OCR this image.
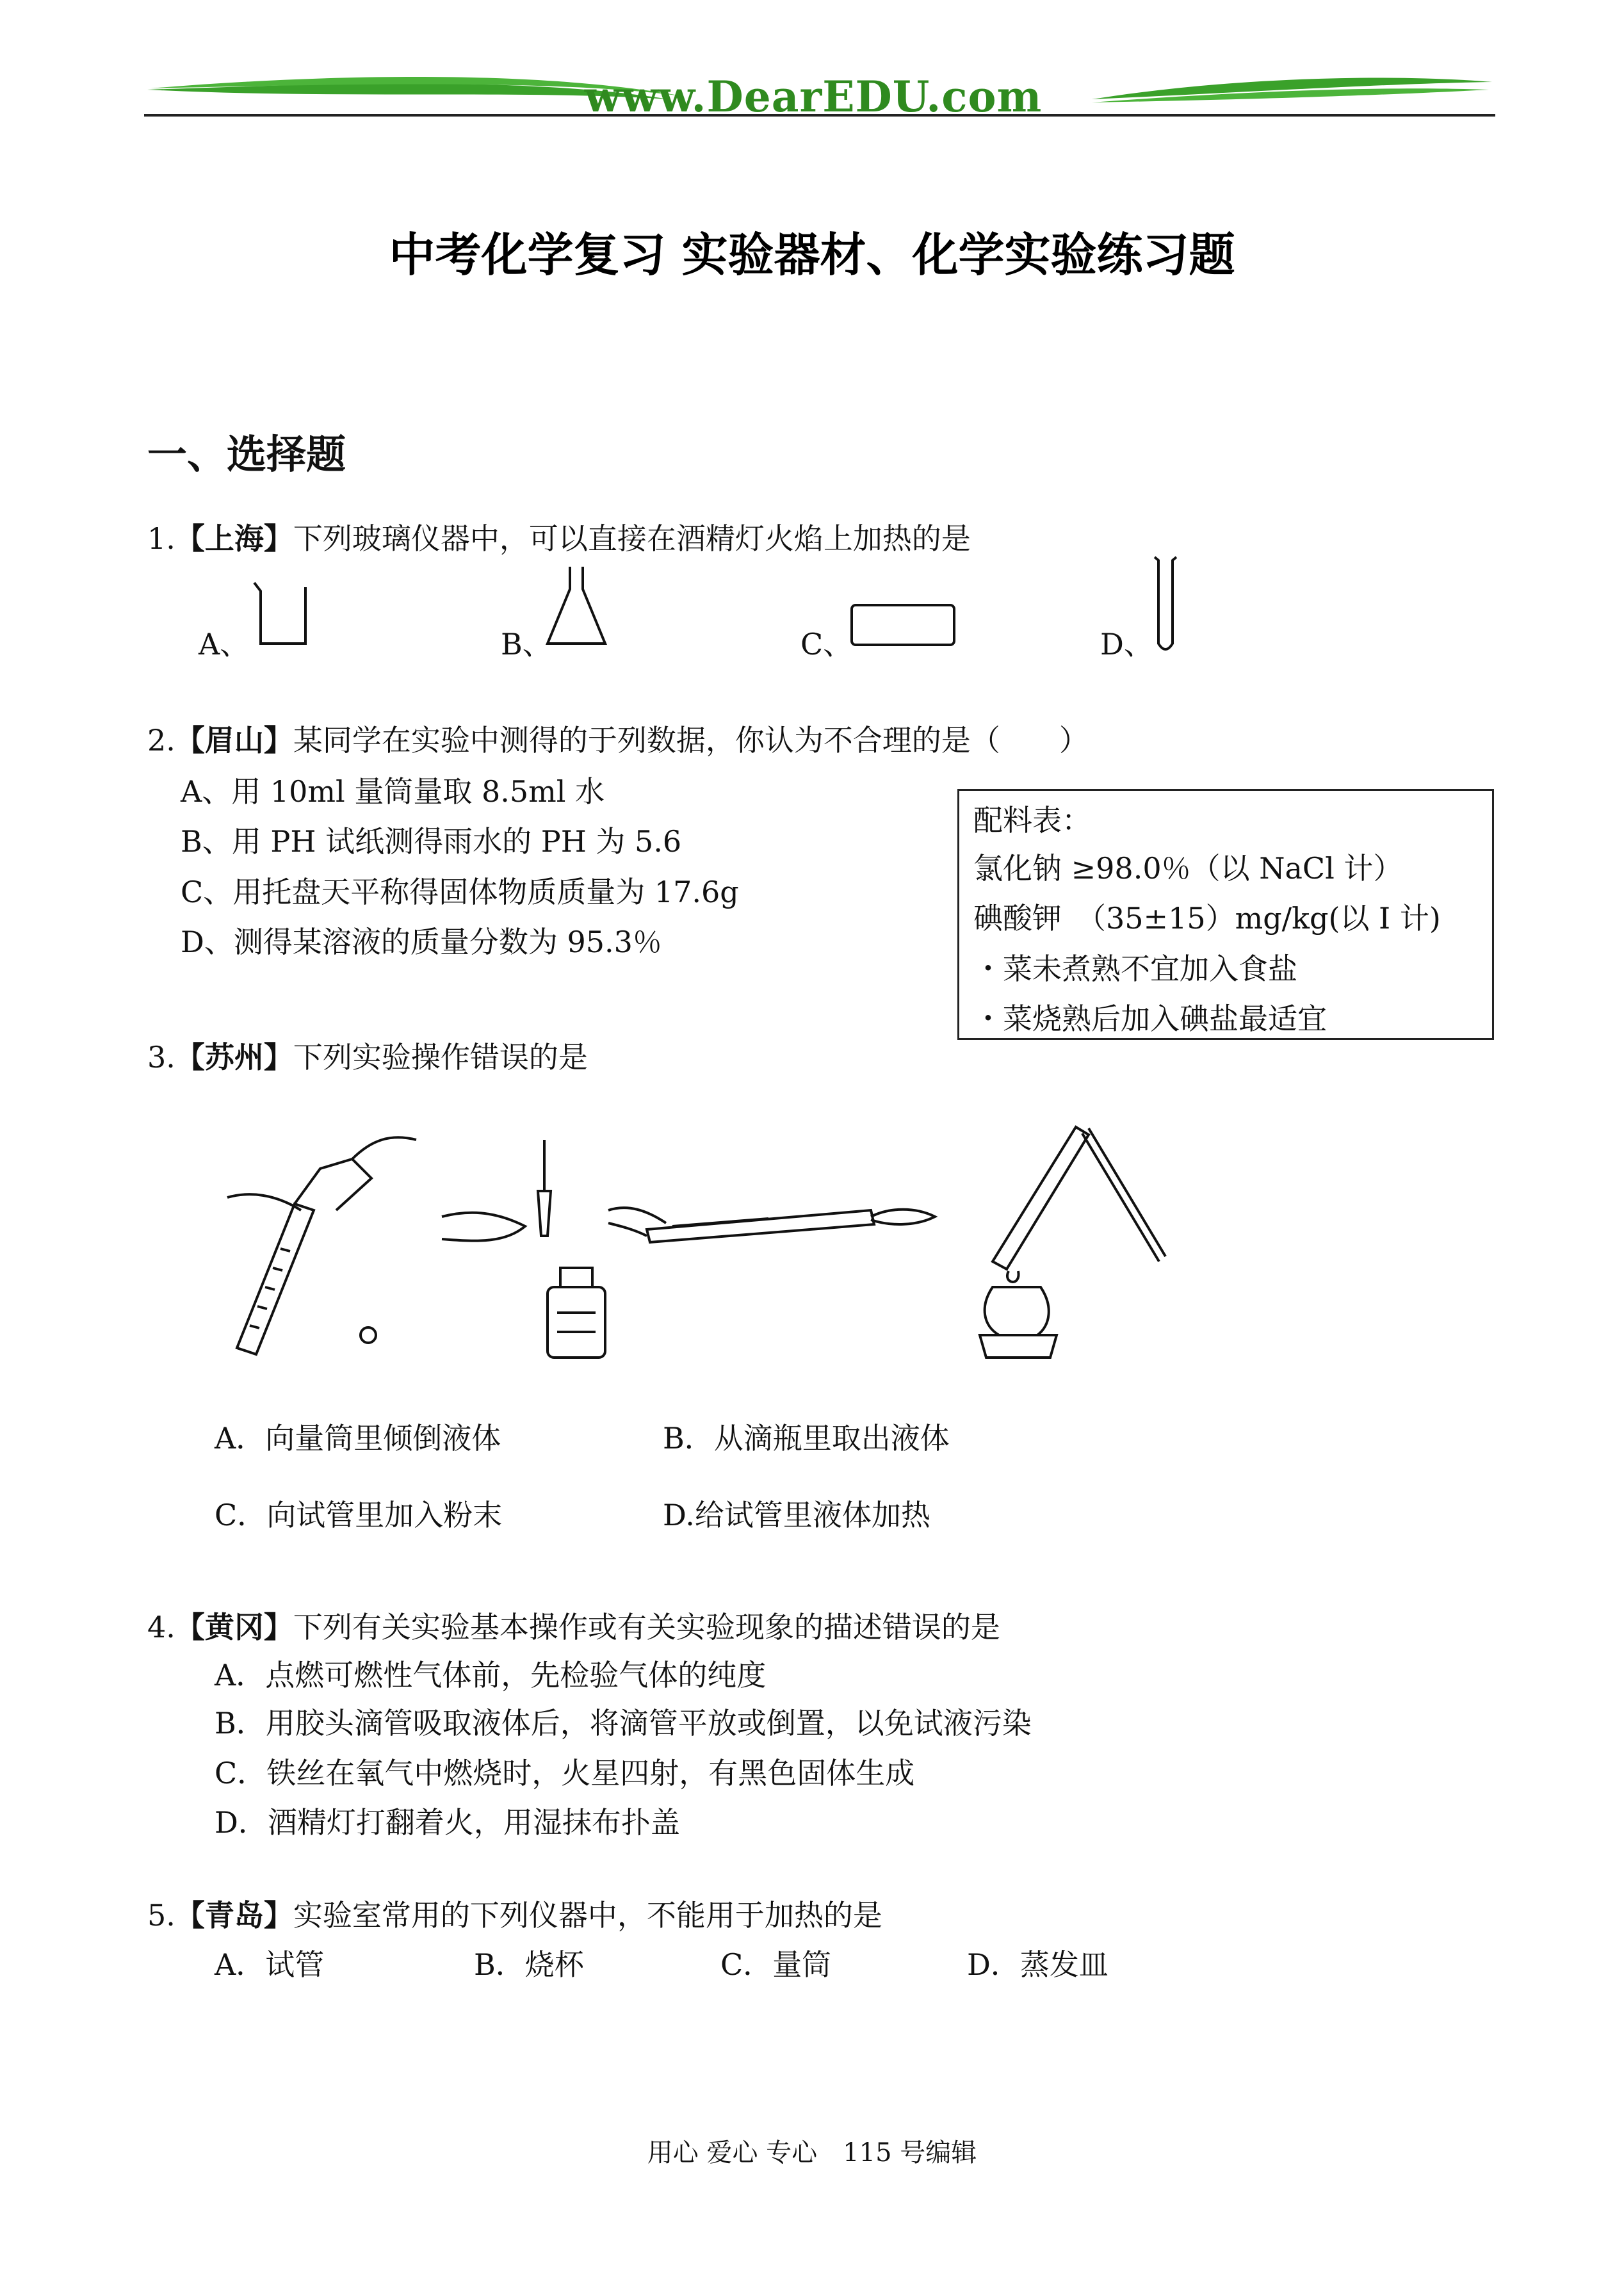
www.DearEDU.com
中考化学复习 实验器材、化学实验练习题
一、选择题
1.【上海】下列玻璃仪器中，可以直接在酒精灯火焰上加热的是
A、	B、	C、	D、
2.【眉山】某同学在实验中测得的于列数据，你认为不合理的是（　　）
A、用 10ml 量筒量取 8.5ml 水
B、用 PH 试纸测得雨水的 PH 为 5.6
C、用托盘天平称得固体物质质量为 17.6g
D、测得某溶液的质量分数为 95.3％
配料表：
氯化钠 ≥98.0％（以 NaCl 计）
碘酸钾　（35±15）mg/kg(以 I 计)
・菜未煮熟不宜加入食盐
・菜烧熟后加入碘盐最适宜
3.【苏州】下列实验操作错误的是
A．向量筒里倾倒液体	B．从滴瓶里取出液体
C．向试管里加入粉末	D.给试管里液体加热
4.【黄冈】下列有关实验基本操作或有关实验现象的描述错误的是
A．点燃可燃性气体前，先检验气体的纯度
B．用胶头滴管吸取液体后，将滴管平放或倒置，以免试液污染
C．铁丝在氧气中燃烧时，火星四射，有黑色固体生成
D．酒精灯打翻着火，用湿抹布扑盖
5.【青岛】实验室常用的下列仪器中，不能用于加热的是
A．试管	B．烧杯	C．量筒	D．蒸发皿
用心 爱心 专心　115 号编辑
